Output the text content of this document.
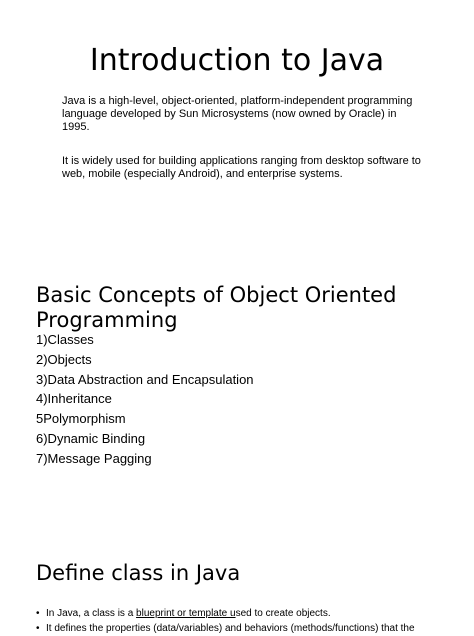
Introduction to Java

Java is a high-level, object-oriented, platform-independent programming language developed by Sun Microsystems (now owned by Oracle) in 1995.

It is widely used for building applications ranging from desktop software to web, mobile (especially Android), and enterprise systems.

Basic Concepts of Object Oriented Programming
1)Classes
2)Objects
3)Data Abstraction and Encapsulation
4)Inheritance
5Polymorphism
6)Dynamic Binding
7)Message Pagging
Define class in Java
• In Java, a class is a blueprint or template used to create objects.
• It defines the properties (data/variables) and behaviors (methods/functions) that the
